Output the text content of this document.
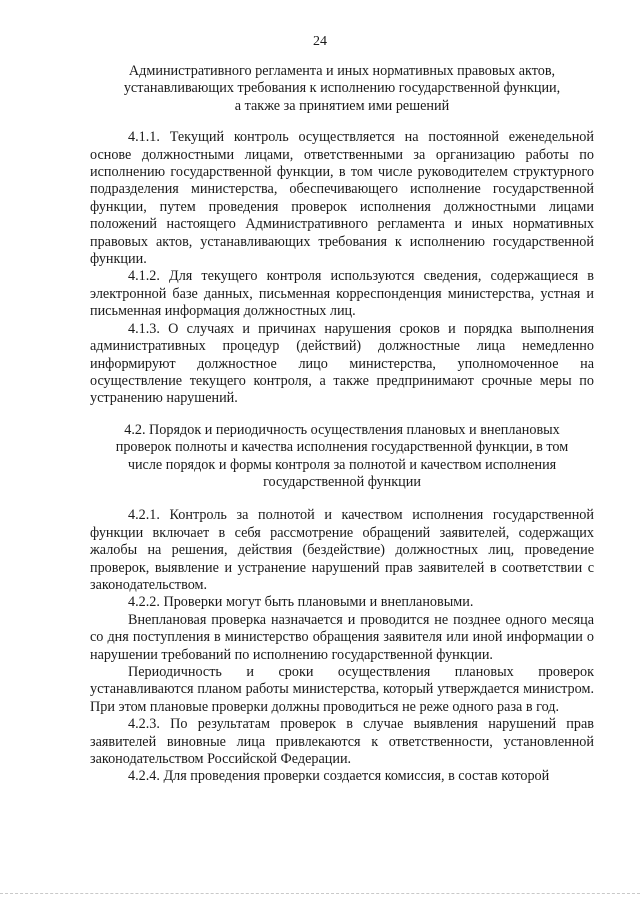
24
Административного регламента и иных нормативных правовых актов,
устанавливающих требования к исполнению государственной функции,
а также за принятием ими решений

4.1.1. Текущий контроль осуществляется на постоянной еженедельной основе должностными лицами, ответственными за организацию работы по исполнению государственной функции, в том числе руководителем структурного подразделения министерства, обеспечивающего исполнение государственной функции, путем проведения проверок исполнения должностными лицами положений настоящего Административного регламента и иных нормативных правовых актов, устанавливающих требования к исполнению государственной функции.

4.1.2. Для текущего контроля используются сведения, содержащиеся в электронной базе данных, письменная корреспонденция министерства, устная и письменная информация должностных лиц.

4.1.3. О случаях и причинах нарушения сроков и порядка выполнения административных процедур (действий) должностные лица немедленно информируют должностное лицо министерства, уполномоченное на осуществление текущего контроля, а также предпринимают срочные меры по устранению нарушений.

4.2. Порядок и периодичность осуществления плановых и внеплановых
проверок полноты и качества исполнения государственной функции, в том
числе порядок и формы контроля за полнотой и качеством исполнения
государственной функции

4.2.1. Контроль за полнотой и качеством исполнения государственной функции включает в себя рассмотрение обращений заявителей, содержащих жалобы на решения, действия (бездействие) должностных лиц, проведение проверок, выявление и устранение нарушений прав заявителей в соответствии с законодательством.

4.2.2. Проверки могут быть плановыми и внеплановыми.

Внеплановая проверка назначается и проводится не позднее одного месяца со дня поступления в министерство обращения заявителя или иной информации о нарушении требований по исполнению государственной функции.

Периодичность и сроки осуществления плановых проверок устанавливаются планом работы министерства, который утверждается министром. При этом плановые проверки должны проводиться не реже одного раза в год.

4.2.3. По результатам проверок в случае выявления нарушений прав заявителей виновные лица привлекаются к ответственности, установленной законодательством Российской Федерации.

4.2.4. Для проведения проверки создается комиссия, в состав которой
